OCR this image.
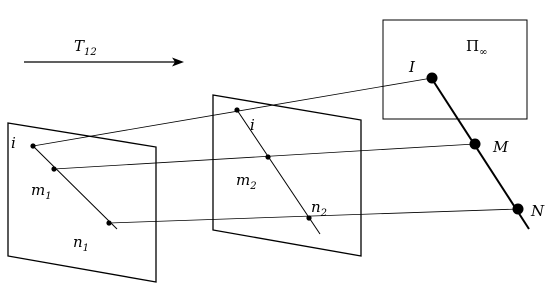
$T_{12}$	$\Pi_\infty$
i
$m_1$
$n_1$
i
$m_2$
$n_2$
I
M
N
